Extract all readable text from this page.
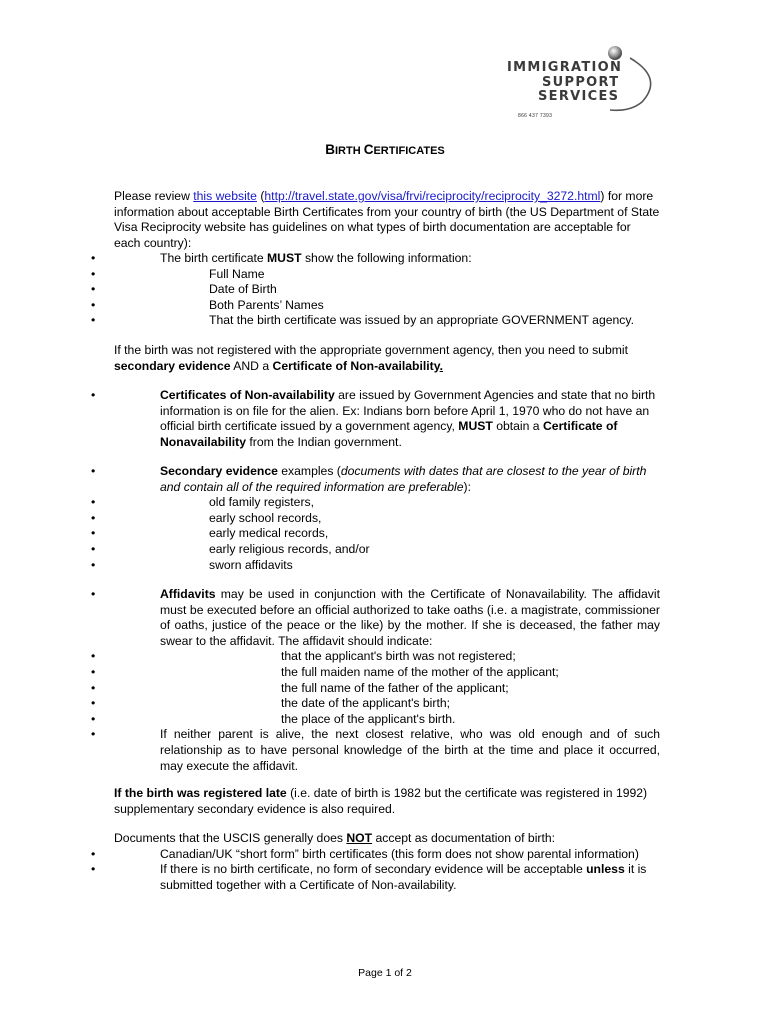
IMMIGRATION
SUPPORT
SERVICES
866 437 7393
BIRTH CERTIFICATES

Please review this website (http://travel.state.gov/visa/frvi/reciprocity/reciprocity_3272.html) for more information about acceptable Birth Certificates from your country of birth (the US Department of State Visa Reciprocity website has guidelines on what types of birth documentation are acceptable for each country):

• The birth certificate MUST show the following information:
• Full Name
• Date of Birth
• Both Parents’ Names
• That the birth certificate was issued by an appropriate GOVERNMENT agency.

If the birth was not registered with the appropriate government agency, then you need to submit secondary evidence AND a Certificate of Non-availability.

• Certificates of Non-availability are issued by Government Agencies and state that no birth information is on file for the alien. Ex: Indians born before April 1, 1970 who do not have an official birth certificate issued by a government agency, MUST obtain a Certificate of Nonavailability from the Indian government.
• Secondary evidence examples (documents with dates that are closest to the year of birth and contain all of the required information are preferable):
• old family registers,
• early school records,
• early medical records,
• early religious records, and/or
• sworn affidavits
• Affidavits may be used in conjunction with the Certificate of Nonavailability. The affidavit must be executed before an official authorized to take oaths (i.e. a magistrate, commissioner of oaths, justice of the peace or the like) by the mother. If she is deceased, the father may swear to the affidavit. The affidavit should indicate:
• that the applicant's birth was not registered;
• the full maiden name of the mother of the applicant;
• the full name of the father of the applicant;
• the date of the applicant's birth;
• the place of the applicant's birth.
• If neither parent is alive, the next closest relative, who was old enough and of such relationship as to have personal knowledge of the birth at the time and place it occurred, may execute the affidavit.

If the birth was registered late (i.e. date of birth is 1982 but the certificate was registered in 1992) supplementary secondary evidence is also required.

Documents that the USCIS generally does NOT accept as documentation of birth:

• Canadian/UK “short form” birth certificates (this form does not show parental information)
• If there is no birth certificate, no form of secondary evidence will be acceptable unless it is submitted together with a Certificate of Non-availability.
Page 1 of 2
